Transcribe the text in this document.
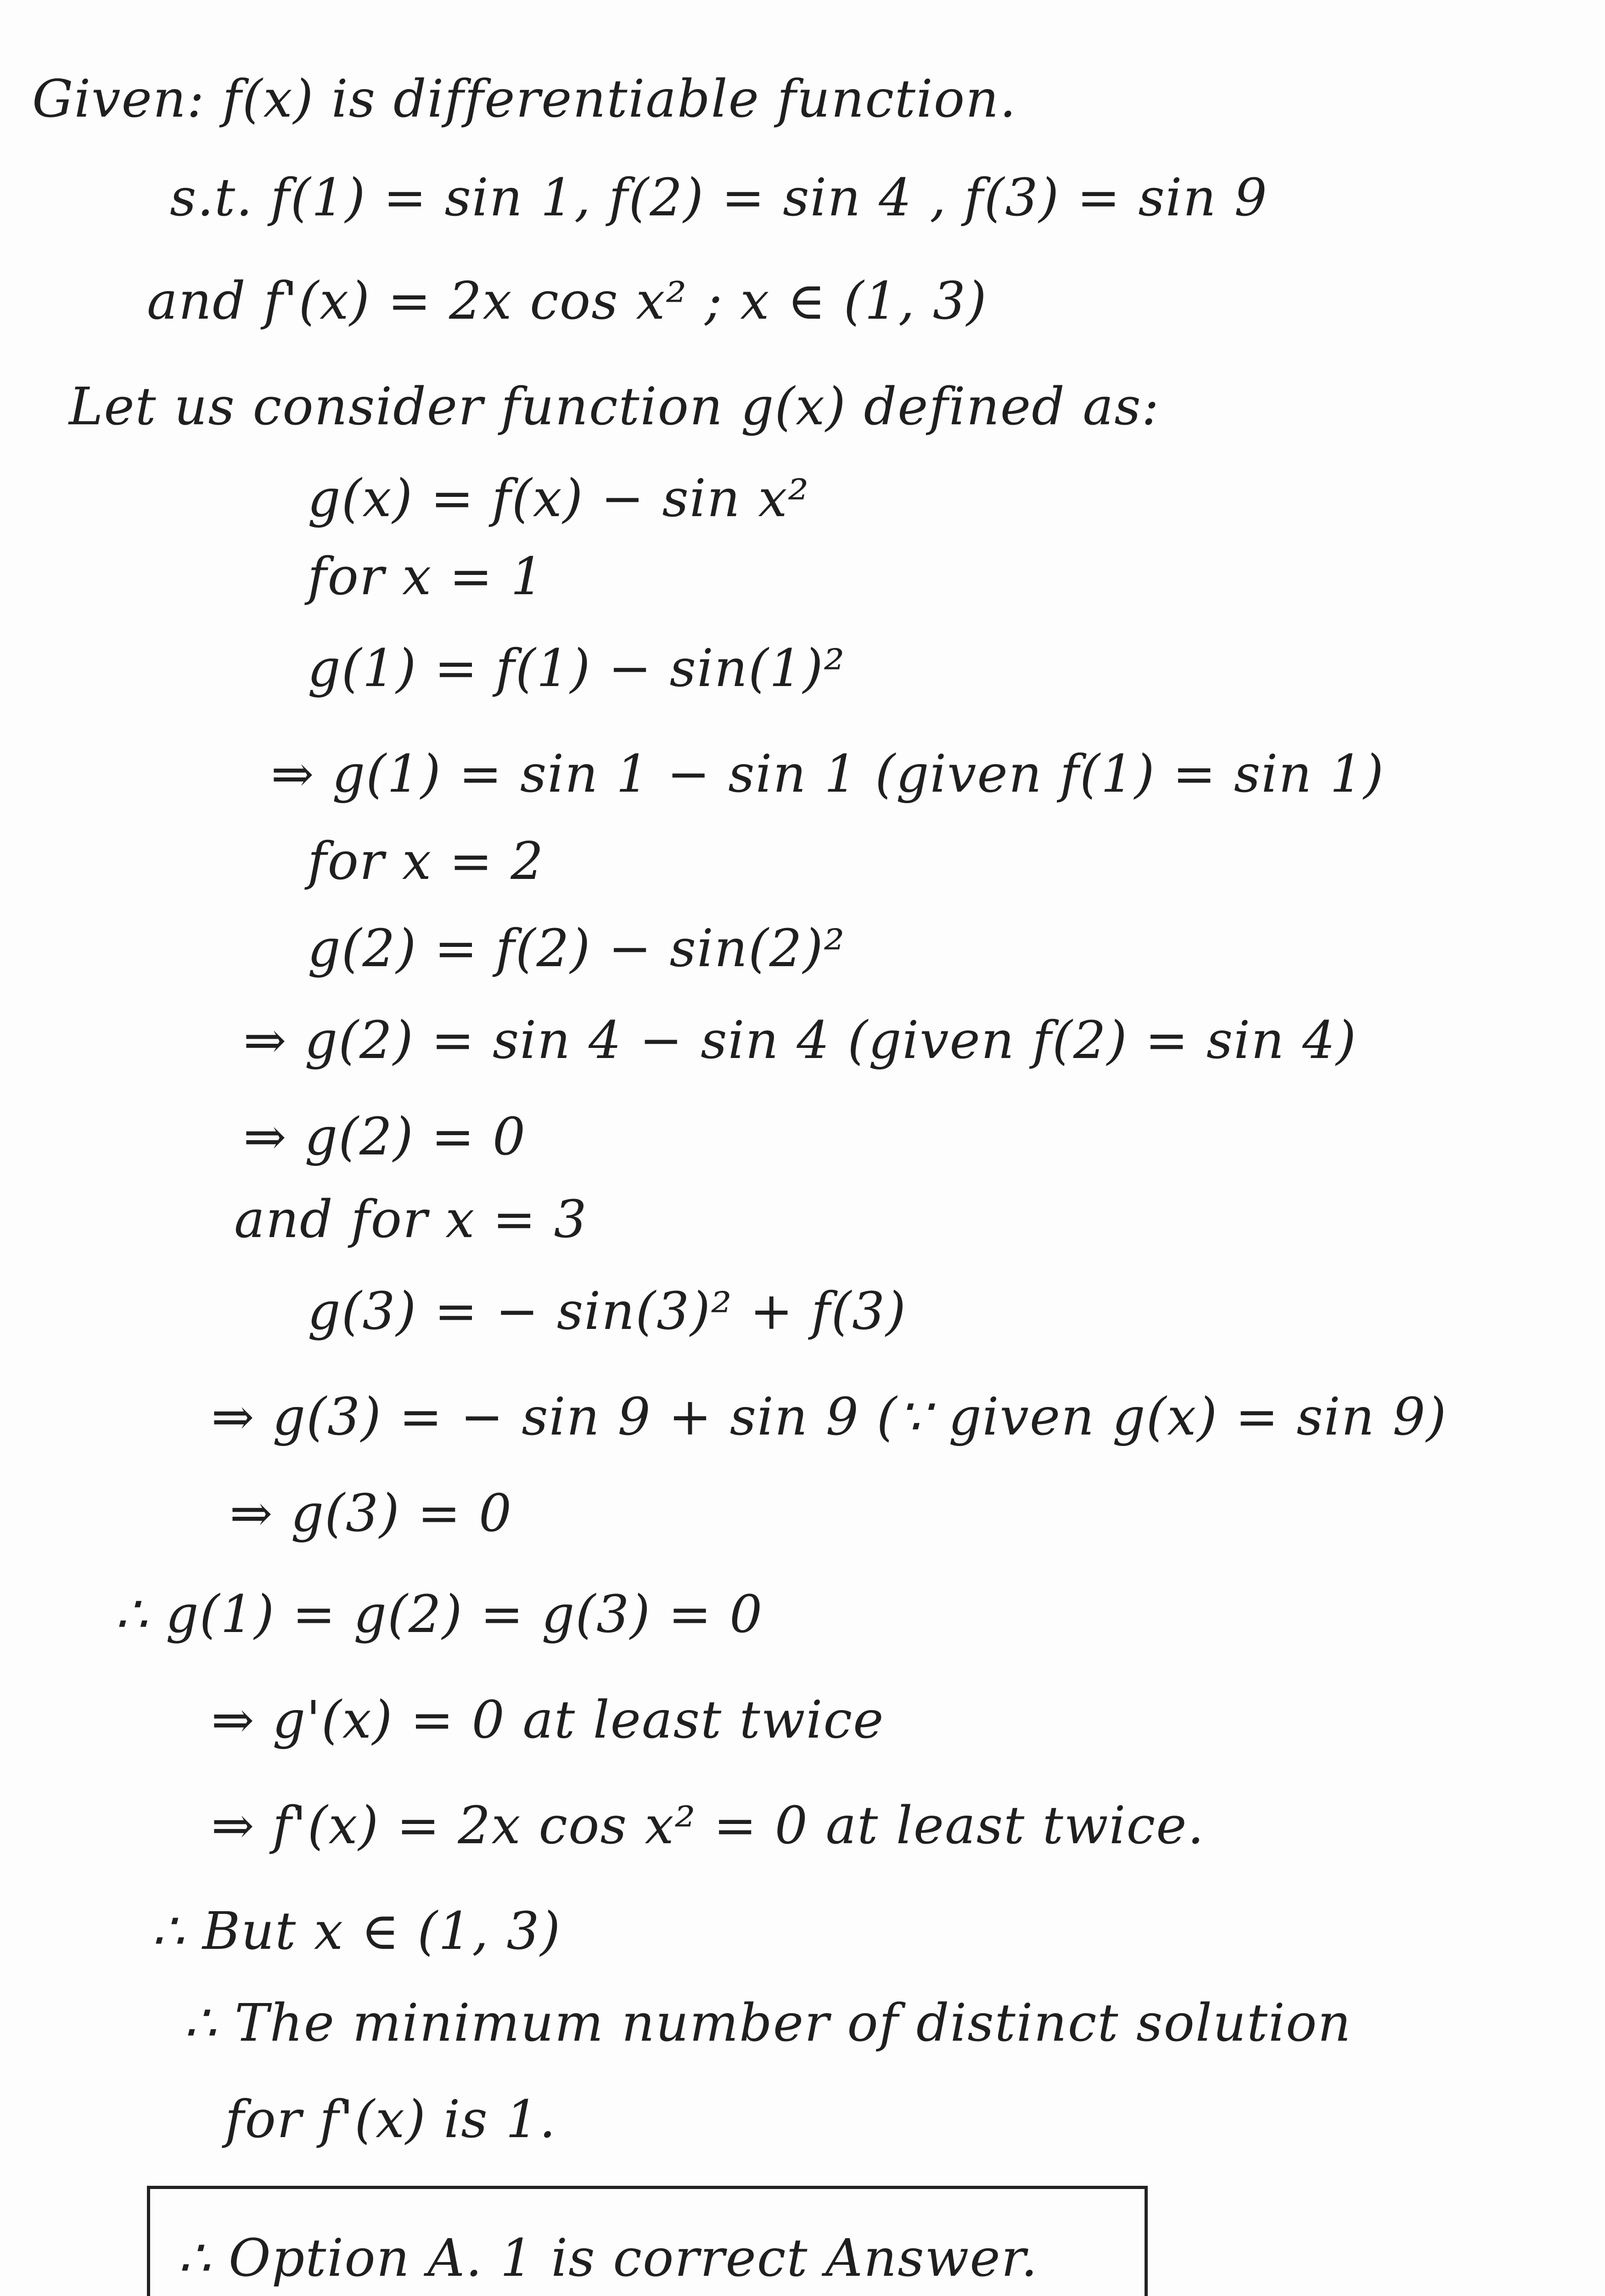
Given: f(x) is differentiable function.
s.t. f(1) = sin 1, f(2) = sin 4 , f(3) = sin 9
and f'(x) = 2x cos x² ; x ∈ (1, 3)
Let us consider function g(x) defined as:
g(x) = f(x) − sin x²
for x = 1
g(1) = f(1) − sin(1)²
⇒ g(1) = sin 1 − sin 1 (given f(1) = sin 1)
for x = 2
g(2) = f(2) − sin(2)²
⇒ g(2) = sin 4 − sin 4 (given f(2) = sin 4)
⇒ g(2) = 0
and for x = 3
g(3) = − sin(3)² + f(3)
⇒ g(3) = − sin 9 + sin 9 (∵ given g(x) = sin 9)
⇒ g(3) = 0
∴ g(1) = g(2) = g(3) = 0
⇒ g'(x) = 0 at least twice
⇒ f'(x) = 2x cos x² = 0 at least twice.
∴ But x ∈ (1, 3)
∴ The minimum number of distinct solution
for f'(x) is 1.
∴ Option A. 1 is correct Answer.
